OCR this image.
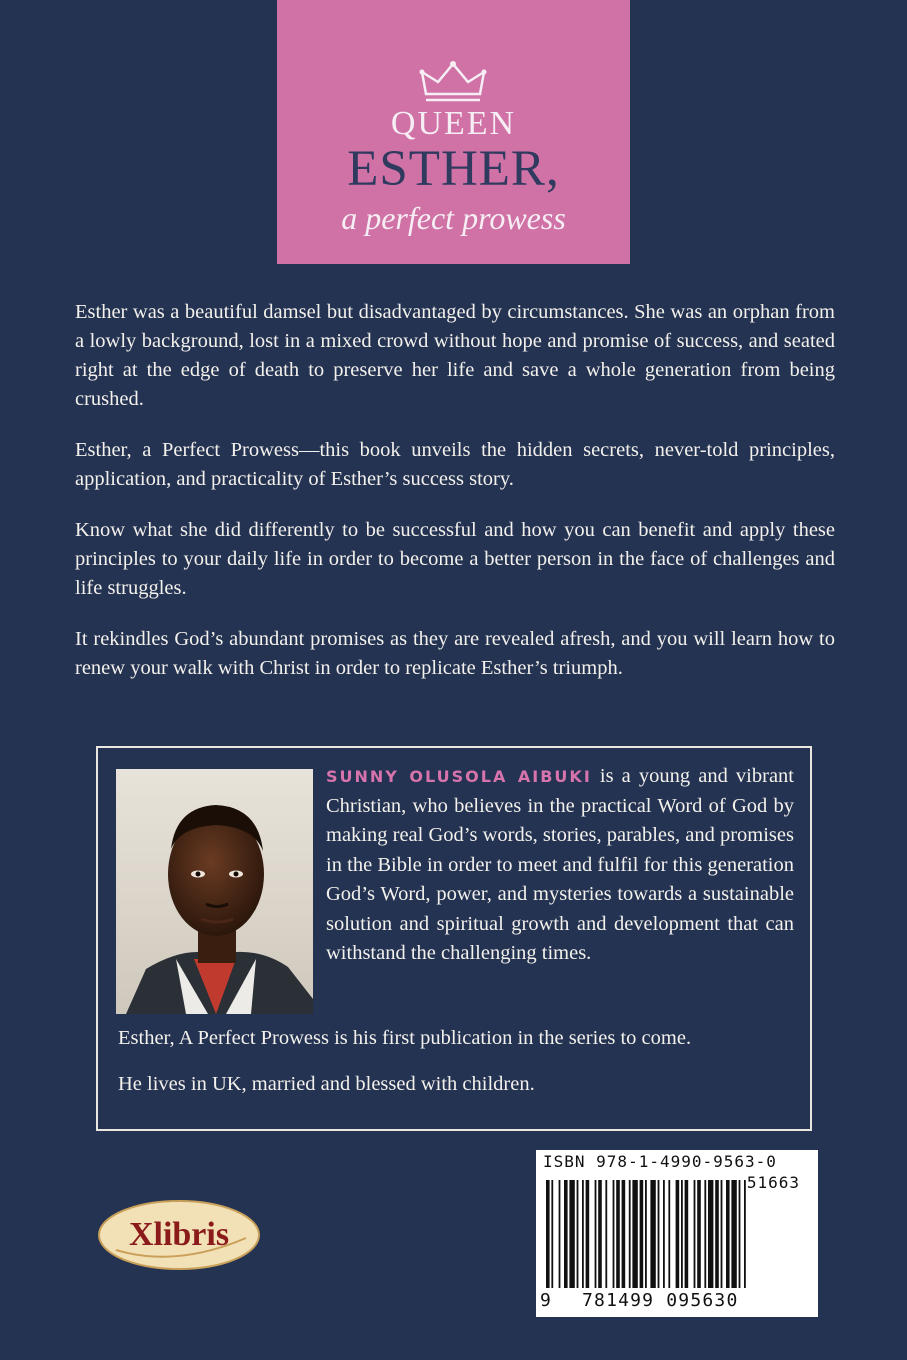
QUEEN
ESTHER,
a perfect prowess

Esther was a beautiful damsel but disadvantaged by circumstances. She was an orphan from a lowly background, lost in a mixed crowd without hope and promise of success, and seated right at the edge of death to preserve her life and save a whole generation from being crushed.

Esther, a Perfect Prowess—this book unveils the hidden secrets, never-told principles, application, and practicality of Esther’s success story.

Know what she did differently to be successful and how you can benefit and apply these principles to your daily life in order to become a better person in the face of challenges and life struggles.

It rekindles God’s abundant promises as they are revealed afresh, and you will learn how to renew your walk with Christ in order to replicate Esther’s triumph.

SUNNY OLUSOLA AIBUKI is a young and vibrant Christian, who believes in the practical Word of God by making real God’s words, stories, parables, and promises in the Bible in order to meet and fulfil for this generation God’s Word, power, and mysteries towards a sustainable solution and spiritual growth and development that can withstand the challenging times.
Esther, A Perfect Prowess is his first publication in the series to come.
He lives in UK, married and blessed with children.
Xlibris
ISBN 978-1-4990-9563-0
51663
9 781499 095630
